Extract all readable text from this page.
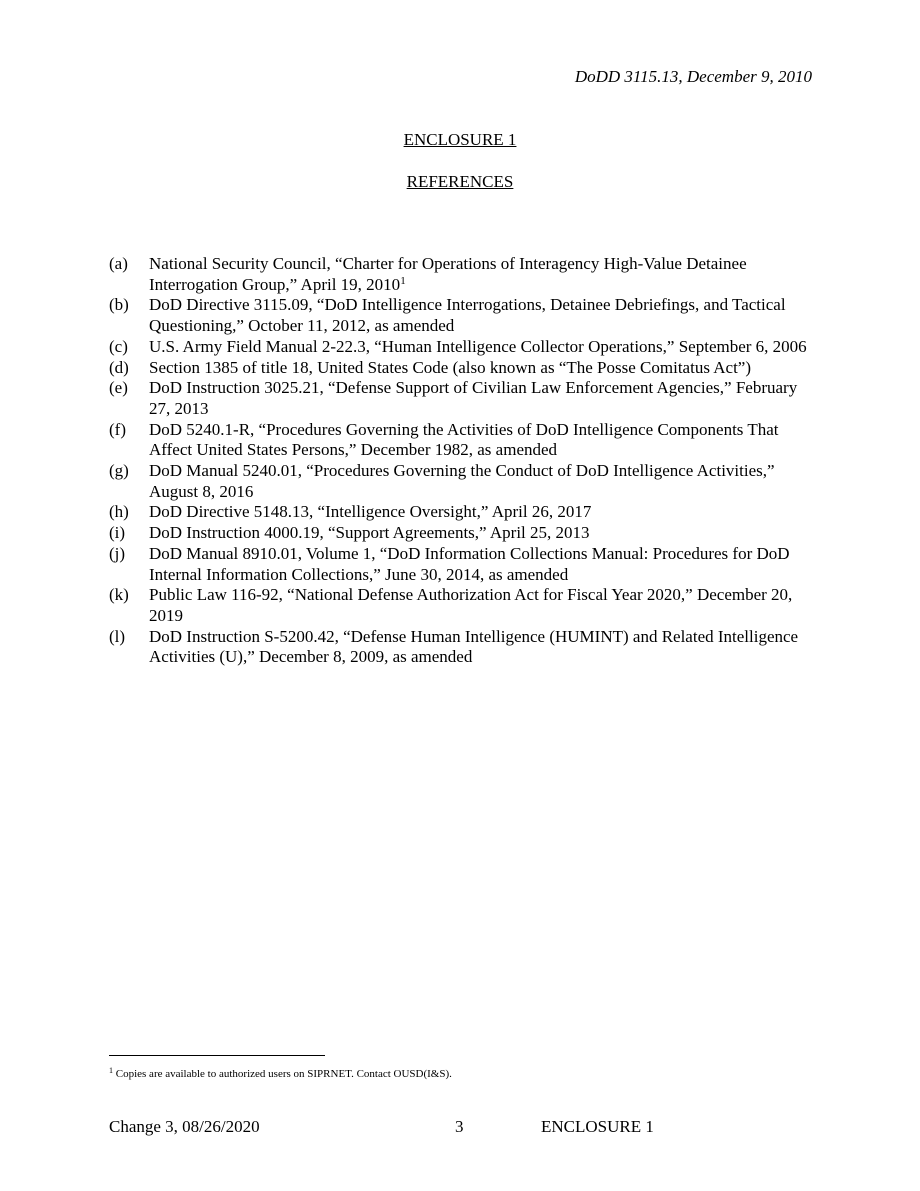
DoDD 3115.13, December 9, 2010
ENCLOSURE 1
REFERENCES
(a)	National Security Council, “Charter for Operations of Interagency High-Value Detainee Interrogation Group,” April 19, 2010$^1$
(b)	DoD Directive 3115.09, “DoD Intelligence Interrogations, Detainee Debriefings, and Tactical Questioning,” October 11, 2012, as amended
(c)	U.S. Army Field Manual 2-22.3, “Human Intelligence Collector Operations,” September 6, 2006
(d)	Section 1385 of title 18, United States Code (also known as “The Posse Comitatus Act”)
(e)	DoD Instruction 3025.21, “Defense Support of Civilian Law Enforcement Agencies,” February 27, 2013
(f)	DoD 5240.1-R, “Procedures Governing the Activities of DoD Intelligence Components That Affect United States Persons,” December 1982, as amended
(g)	DoD Manual 5240.01, “Procedures Governing the Conduct of DoD Intelligence Activities,” August 8, 2016
(h)	DoD Directive 5148.13, “Intelligence Oversight,” April 26, 2017
(i)	DoD Instruction 4000.19, “Support Agreements,” April 25, 2013
(j)	DoD Manual 8910.01, Volume 1, “DoD Information Collections Manual: Procedures for DoD Internal Information Collections,” June 30, 2014, as amended
(k)	Public Law 116-92, “National Defense Authorization Act for Fiscal Year 2020,” December 20, 2019
(l)	DoD Instruction S-5200.42, “Defense Human Intelligence (HUMINT) and Related Intelligence Activities (U),” December 8, 2009, as amended
$^1$ Copies are available to authorized users on SIPRNET. Contact OUSD(I&S).
Change 3, 08/26/2020	3	ENCLOSURE 1
